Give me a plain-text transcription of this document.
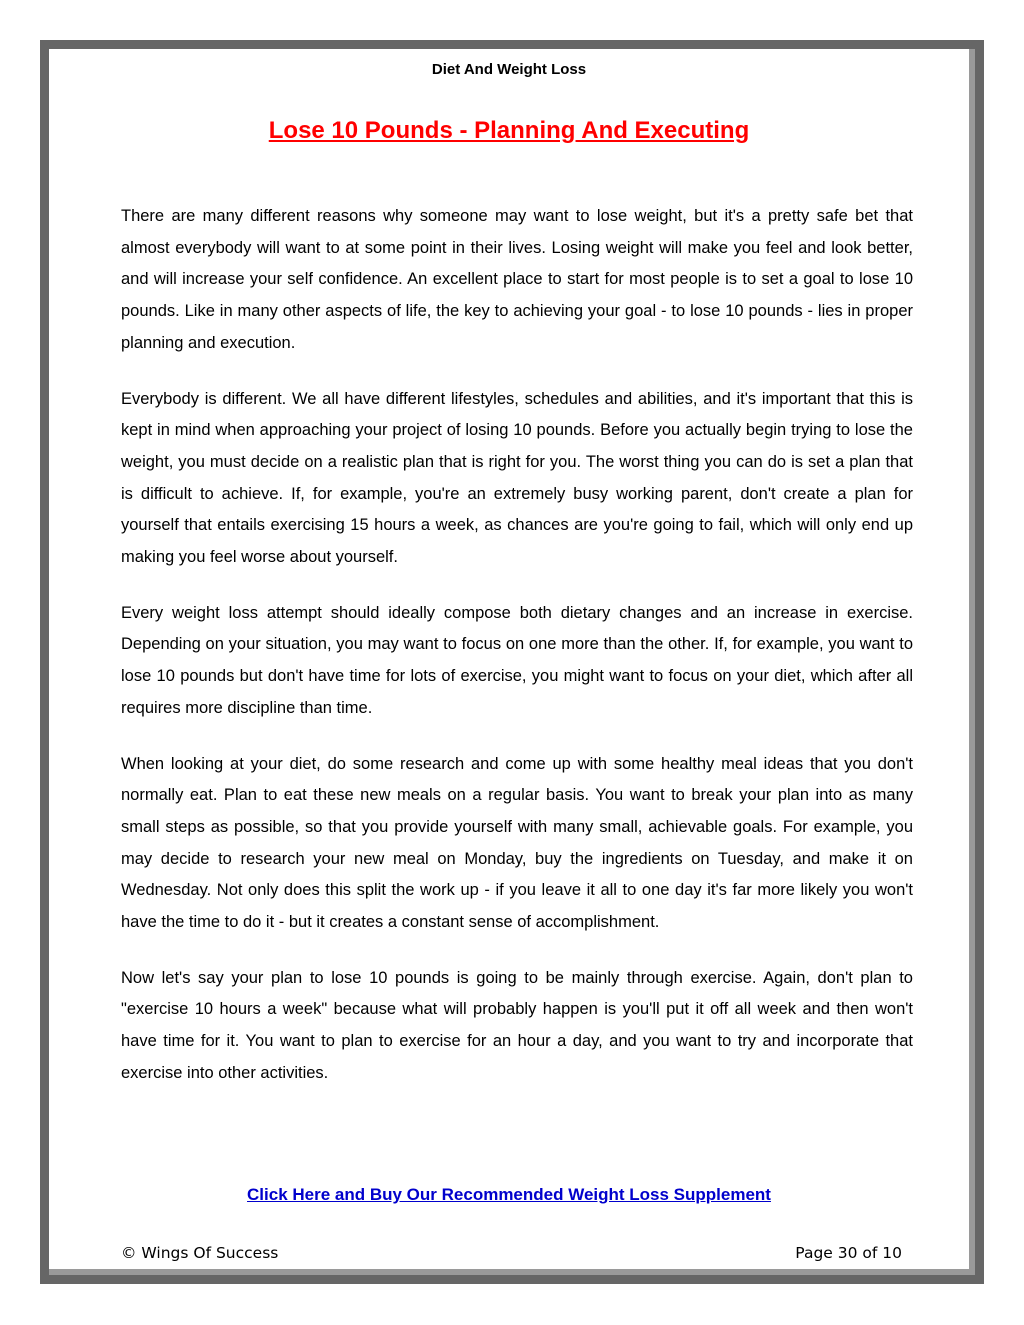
Diet And Weight Loss
Lose 10 Pounds - Planning And Executing

There are many different reasons why someone may want to lose weight, but it's a pretty safe bet that almost everybody will want to at some point in their lives. Losing weight will make you feel and look better, and will increase your self confidence. An excellent place to start for most people is to set a goal to lose 10 pounds. Like in many other aspects of life, the key to achieving your goal - to lose 10 pounds - lies in proper planning and execution.

Everybody is different. We all have different lifestyles, schedules and abilities, and it's important that this is kept in mind when approaching your project of losing 10 pounds. Before you actually begin trying to lose the weight, you must decide on a realistic plan that is right for you. The worst thing you can do is set a plan that is difficult to achieve. If, for example, you're an extremely busy working parent, don't create a plan for yourself that entails exercising 15 hours a week, as chances are you're going to fail, which will only end up making you feel worse about yourself.

Every weight loss attempt should ideally compose both dietary changes and an increase in exercise. Depending on your situation, you may want to focus on one more than the other. If, for example, you want to lose 10 pounds but don't have time for lots of exercise, you might want to focus on your diet, which after all requires more discipline than time.

When looking at your diet, do some research and come up with some healthy meal ideas that you don't normally eat. Plan to eat these new meals on a regular basis. You want to break your plan into as many small steps as possible, so that you provide yourself with many small, achievable goals. For example, you may decide to research your new meal on Monday, buy the ingredients on Tuesday, and make it on Wednesday. Not only does this split the work up - if you leave it all to one day it's far more likely you won't have the time to do it - but it creates a constant sense of accomplishment.

Now let's say your plan to lose 10 pounds is going to be mainly through exercise. Again, don't plan to "exercise 10 hours a week" because what will probably happen is you'll put it off all week and then won't have time for it. You want to plan to exercise for an hour a day, and you want to try and incorporate that exercise into other activities.

Click Here and Buy Our Recommended Weight Loss Supplement
© Wings Of Success	Page 30 of 10
